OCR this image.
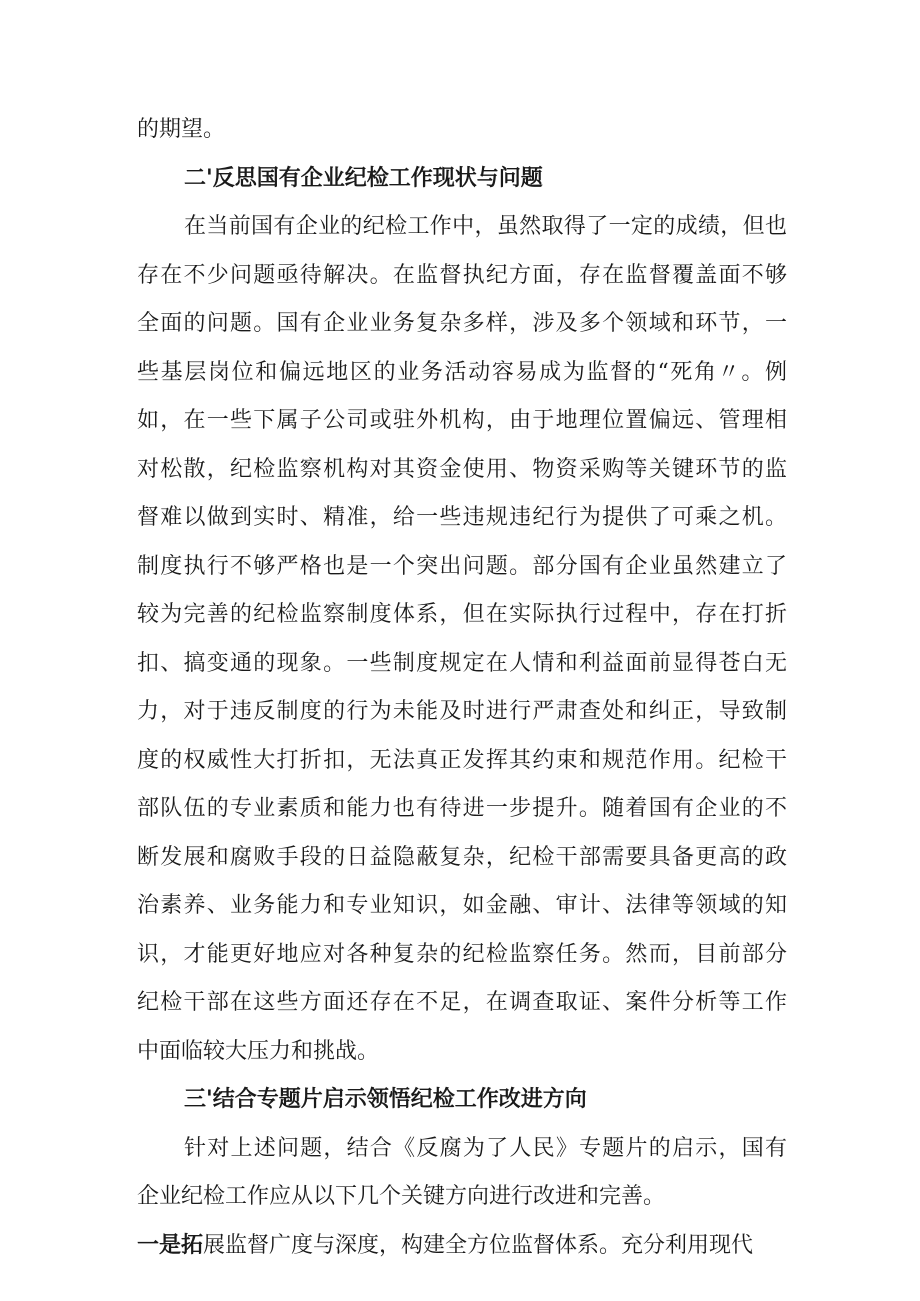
的期望。
二'反思国有企业纪检工作现状与问题
在当前国有企业的纪检工作中，虽然取得了一定的成绩，但也
存在不少问题亟待解决。在监督执纪方面，存在监督覆盖面不够
全面的问题。国有企业业务复杂多样，涉及多个领域和环节，一
些基层岗位和偏远地区的业务活动容易成为监督的“死角〃。例
如，在一些下属子公司或驻外机构，由于地理位置偏远、管理相
对松散，纪检监察机构对其资金使用、物资采购等关键环节的监
督难以做到实时、精准，给一些违规违纪行为提供了可乘之机。
制度执行不够严格也是一个突出问题。部分国有企业虽然建立了
较为完善的纪检监察制度体系，但在实际执行过程中，存在打折
扣、搞变通的现象。一些制度规定在人情和利益面前显得苍白无
力，对于违反制度的行为未能及时进行严肃查处和纠正，导致制
度的权威性大打折扣，无法真正发挥其约束和规范作用。纪检干
部队伍的专业素质和能力也有待进一步提升。随着国有企业的不
断发展和腐败手段的日益隐蔽复杂，纪检干部需要具备更高的政
治素养、业务能力和专业知识，如金融、审计、法律等领域的知
识，才能更好地应对各种复杂的纪检监察任务。然而，目前部分
纪检干部在这些方面还存在不足，在调查取证、案件分析等工作
中面临较大压力和挑战。
三'结合专题片启示领悟纪检工作改进方向
针对上述问题，结合《反腐为了人民》专题片的启示，国有
企业纪检工作应从以下几个关键方向进行改进和完善。
一是拓展监督广度与深度，构建全方位监督体系。充分利用现代
